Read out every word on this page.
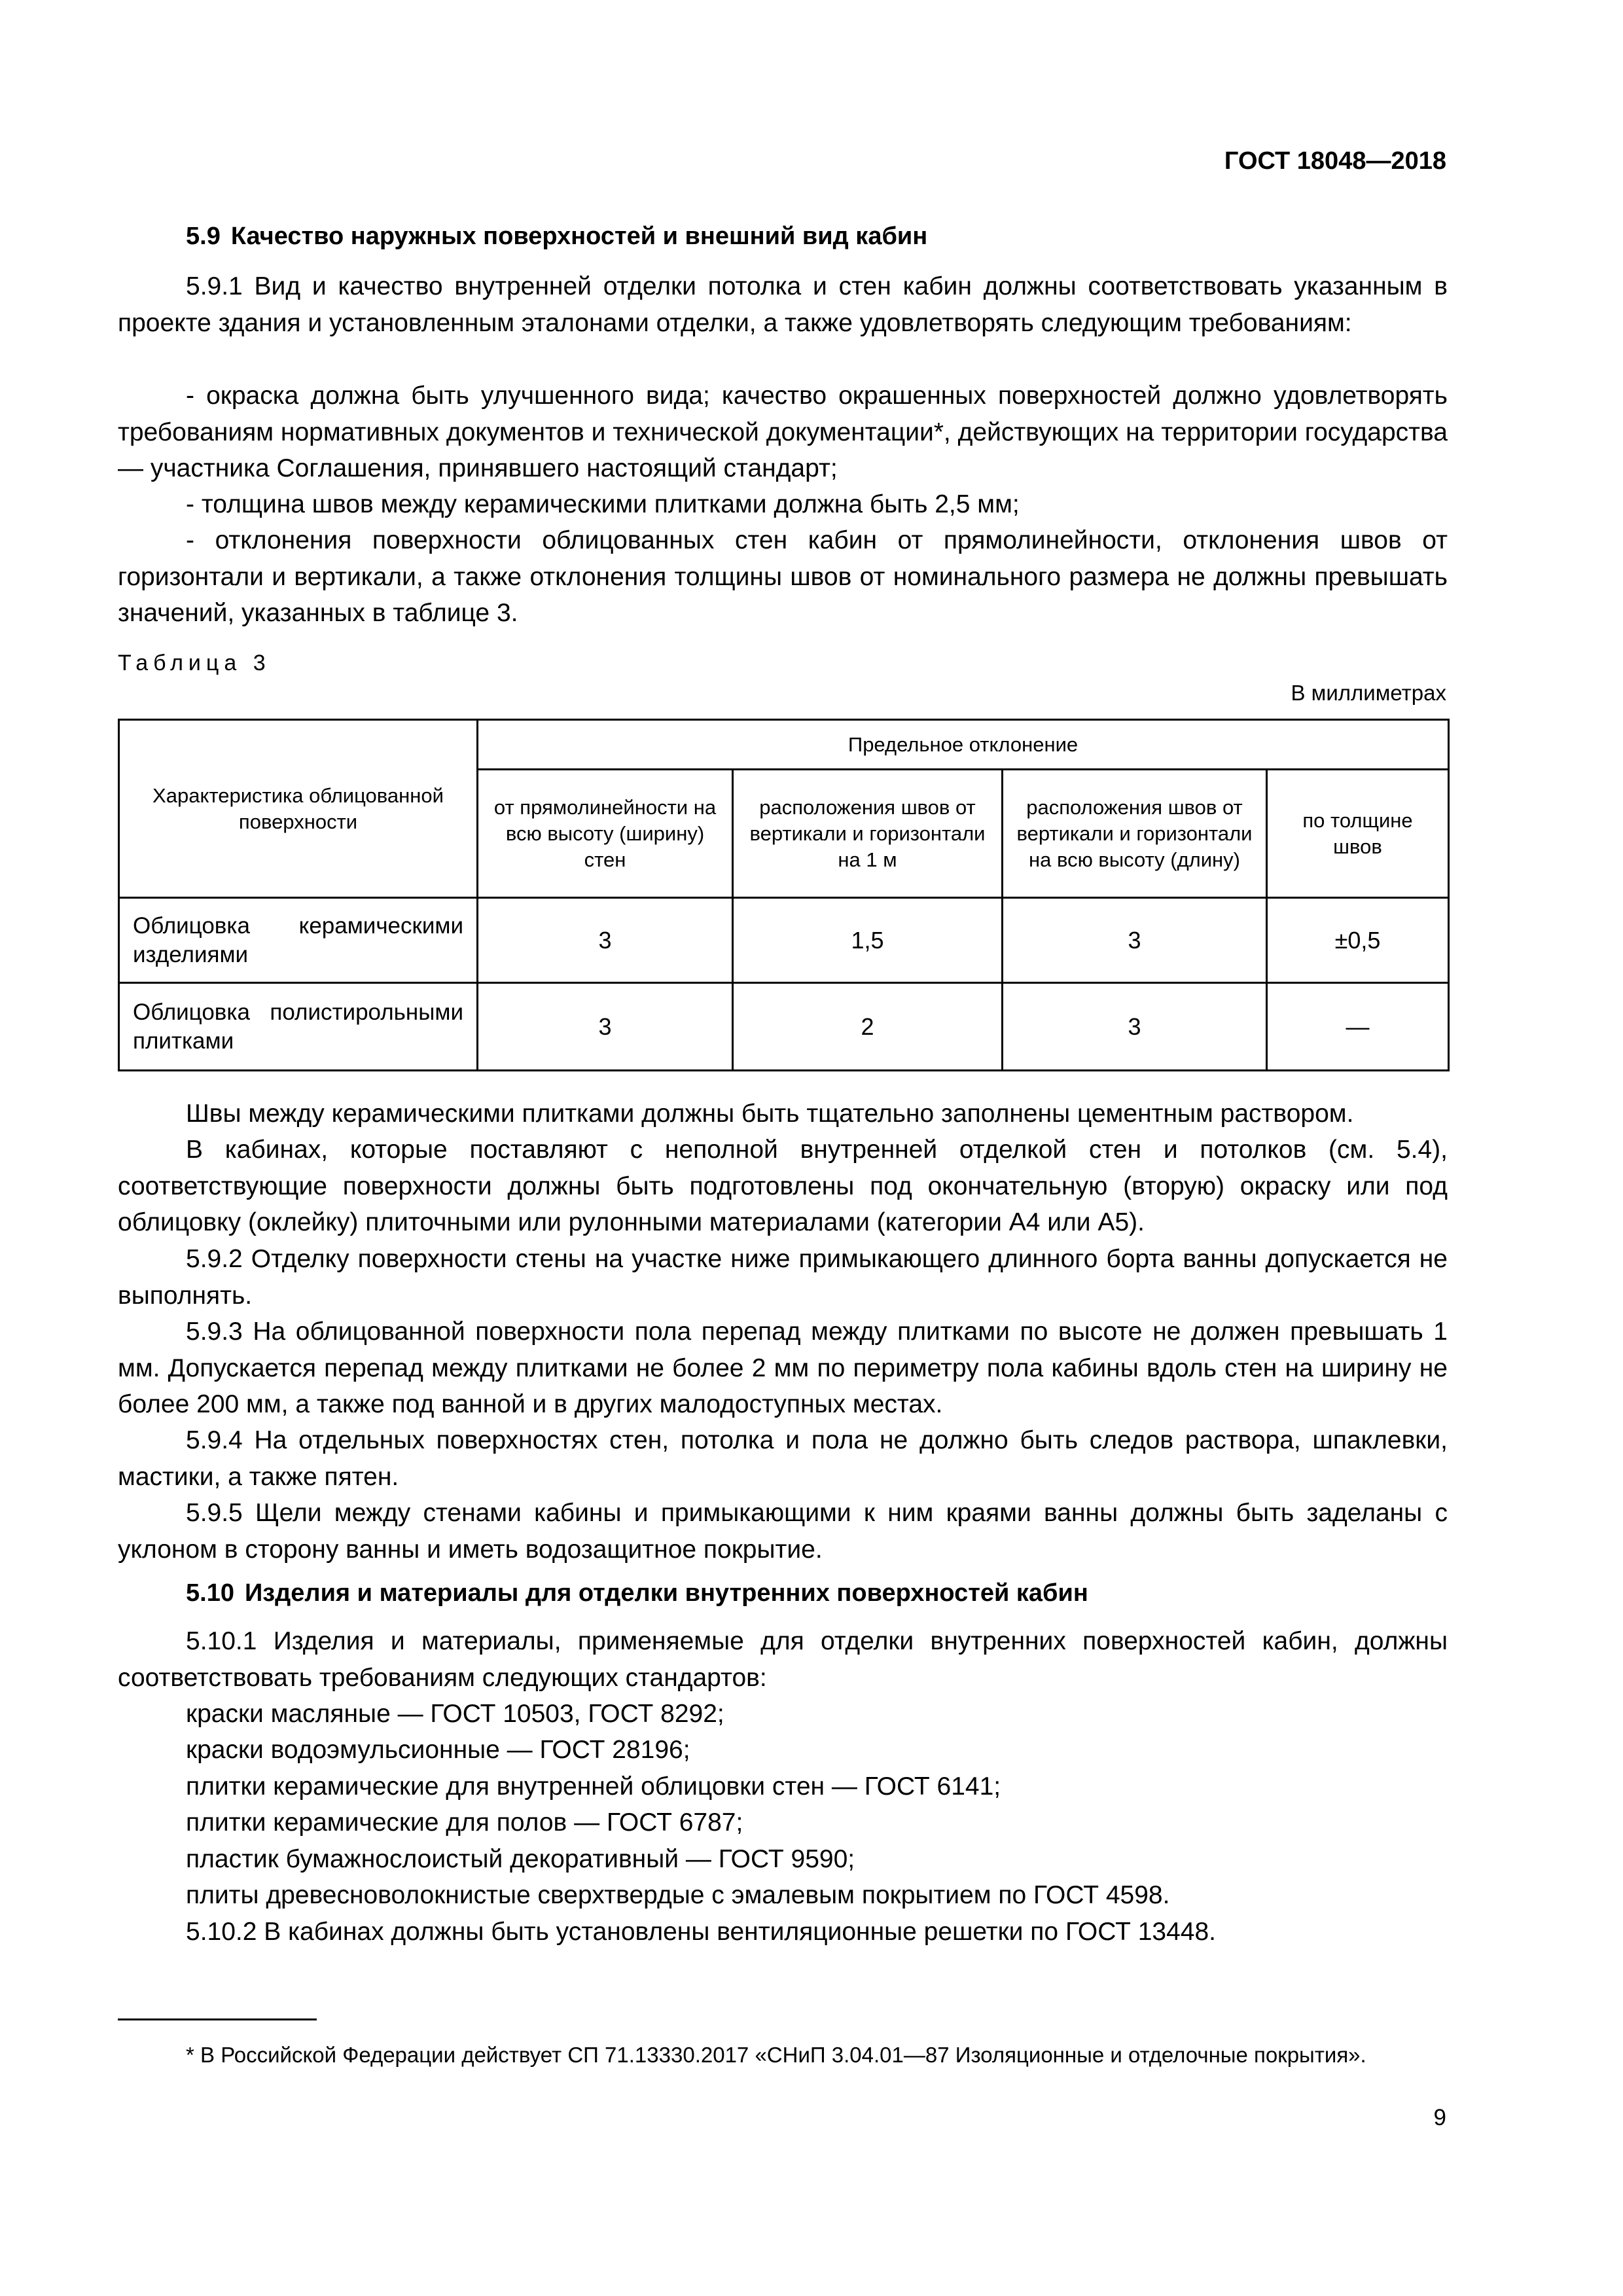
ГОСТ 18048—2018
5.9 Качество наружных поверхностей и внешний вид кабин
5.9.1 Вид и качество внутренней отделки потолка и стен кабин должны соответствовать указанным в проекте здания и установленным эталонами отделки, а также удовлетворять следующим требованиям:
- окраска должна быть улучшенного вида; качество окрашенных поверхностей должно удовлетворять требованиям нормативных документов и технической документации*, действующих на территории государства — участника Соглашения, принявшего настоящий стандарт;
- толщина швов между керамическими плитками должна быть 2,5 мм;
- отклонения поверхности облицованных стен кабин от прямолинейности, отклонения швов от горизонтали и вертикали, а также отклонения толщины швов от номинального размера не должны превышать значений, указанных в таблице 3.
Таблица 3
В миллиметрах
Характеристика облицованной поверхности	Предельное отклонение			
	от прямолинейности на всю высоту (ширину) стен	расположения швов от вертикали и горизонтали на 1 м	расположения швов от вертикали и горизонтали на всю высоту (длину)	по толщине швов
Облицовка керамическими изделиями	3	1,5	3	±0,5
Облицовка полистирольными плитками	3	2	3	—
Швы между керамическими плитками должны быть тщательно заполнены цементным раствором.
В кабинах, которые поставляют с неполной внутренней отделкой стен и потолков (см. 5.4), соответствующие поверхности должны быть подготовлены под окончательную (вторую) окраску или под облицовку (оклейку) плиточными или рулонными материалами (категории А4 или А5).
5.9.2 Отделку поверхности стены на участке ниже примыкающего длинного борта ванны допускается не выполнять.
5.9.3 На облицованной поверхности пола перепад между плитками по высоте не должен превышать 1 мм. Допускается перепад между плитками не более 2 мм по периметру пола кабины вдоль стен на ширину не более 200 мм, а также под ванной и в других малодоступных местах.
5.9.4 На отдельных поверхностях стен, потолка и пола не должно быть следов раствора, шпаклевки, мастики, а также пятен.
5.9.5 Щели между стенами кабины и примыкающими к ним краями ванны должны быть заделаны с уклоном в сторону ванны и иметь водозащитное покрытие.
5.10 Изделия и материалы для отделки внутренних поверхностей кабин
5.10.1 Изделия и материалы, применяемые для отделки внутренних поверхностей кабин, должны соответствовать требованиям следующих стандартов:
краски масляные — ГОСТ 10503, ГОСТ 8292;
краски водоэмульсионные — ГОСТ 28196;
плитки керамические для внутренней облицовки стен — ГОСТ 6141;
плитки керамические для полов — ГОСТ 6787;
пластик бумажнослоистый декоративный — ГОСТ 9590;
плиты древесноволокнистые сверхтвердые с эмалевым покрытием по ГОСТ 4598.
5.10.2 В кабинах должны быть установлены вентиляционные решетки по ГОСТ 13448.
* В Российской Федерации действует СП 71.13330.2017 «СНиП 3.04.01—87 Изоляционные и отделочные покрытия».
9
